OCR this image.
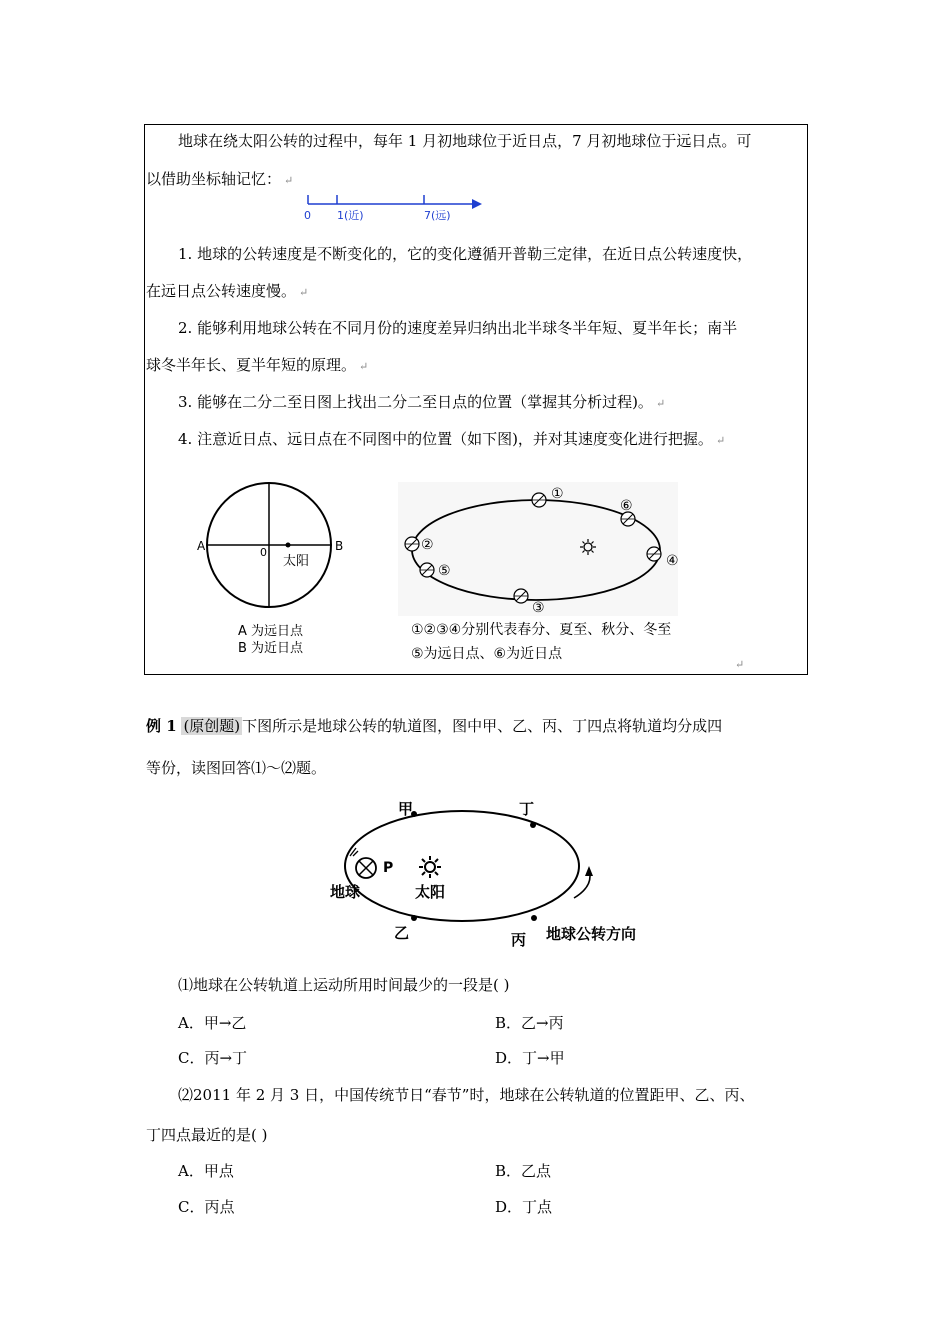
地球在绕太阳公转的过程中，每年 1 月初地球位于近日点，7 月初地球位于远日点。可
以借助坐标轴记忆： ↵
0 1(近)	7(远)
1. 地球的公转速度是不断变化的，它的变化遵循开普勒三定律，在近日点公转速度快，
在远日点公转速度慢。 ↵
2. 能够利用地球公转在不同月份的速度差异归纳出北半球冬半年短、夏半年长；南半
球冬半年长、夏半年短的原理。 ↵
3. 能够在二分二至日图上找出二分二至日点的位置（掌握其分析过程)。 ↵
4. 注意近日点、远日点在不同图中的位置（如下图)，并对其速度变化进行把握。 ↵
A	B
0
太阳
A 为远日点
B 为近日点
①
②
③
④
⑤
⑥
①②③④分别代表春分、夏至、秋分、冬至
⑤为远日点、⑥为近日点
↵
例 1 (原创题) 下图所示是地球公转的轨道图，图中甲、乙、丙、丁四点将轨道均分成四
等份，读图回答⑴～⑵题。
甲	丁
乙	丙
P
地球	太阳
地球公转方向
⑴地球在公转轨道上运动所用时间最少的一段是( )
A．甲→乙	B．乙→丙
C．丙→丁	D．丁→甲
⑵2011 年 2 月 3 日，中国传统节日“春节”时，地球在公转轨道的位置距甲、乙、丙、
丁四点最近的是( )
A．甲点	B．乙点
C．丙点	D．丁点
